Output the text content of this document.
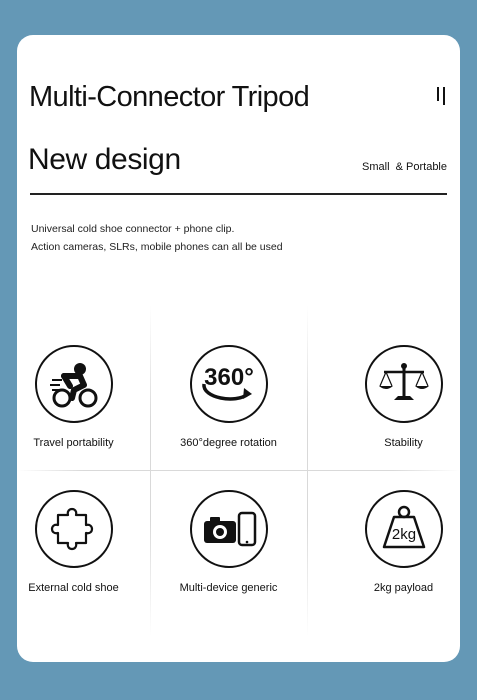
Multi-Connector Tripod
New design	Small  & Portable
Universal cold shoe connector + phone clip.
Action cameras, SLRs, mobile phones can all be used
Travel portability
360°
360°degree rotation	Stability
External cold shoe	Multi-device generic
2kg
2kg payload
